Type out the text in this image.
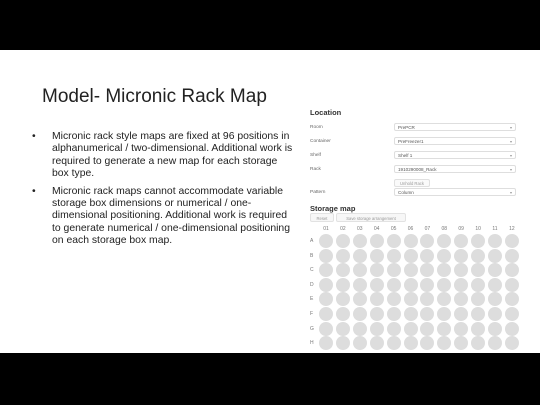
Model- Micronic Rack Map
• Micronic rack style maps are fixed at 96 positions in alphanumerical / two-dimensional. Additional work is required to generate a new map for each storage box type.
• Micronic rack maps cannot accommodate variable storage box dimensions or numerical / one-dimensional positioning. Additional work is required to generate numerical / one-dimensional positioning on each storage box map.
Location
Room	PrePCR	▾
Container	PreFreezer1	▾
Shelf	Shelf 1	▾
Rack	1910290008_Rack	▾
Unhold Rack
Pattern	Column	▾
Storage map
Reset	Save storage arrangement
01	02	03	04	05	06	07	08	09	10	11	12
A
B
C
D
E
F
G
H
